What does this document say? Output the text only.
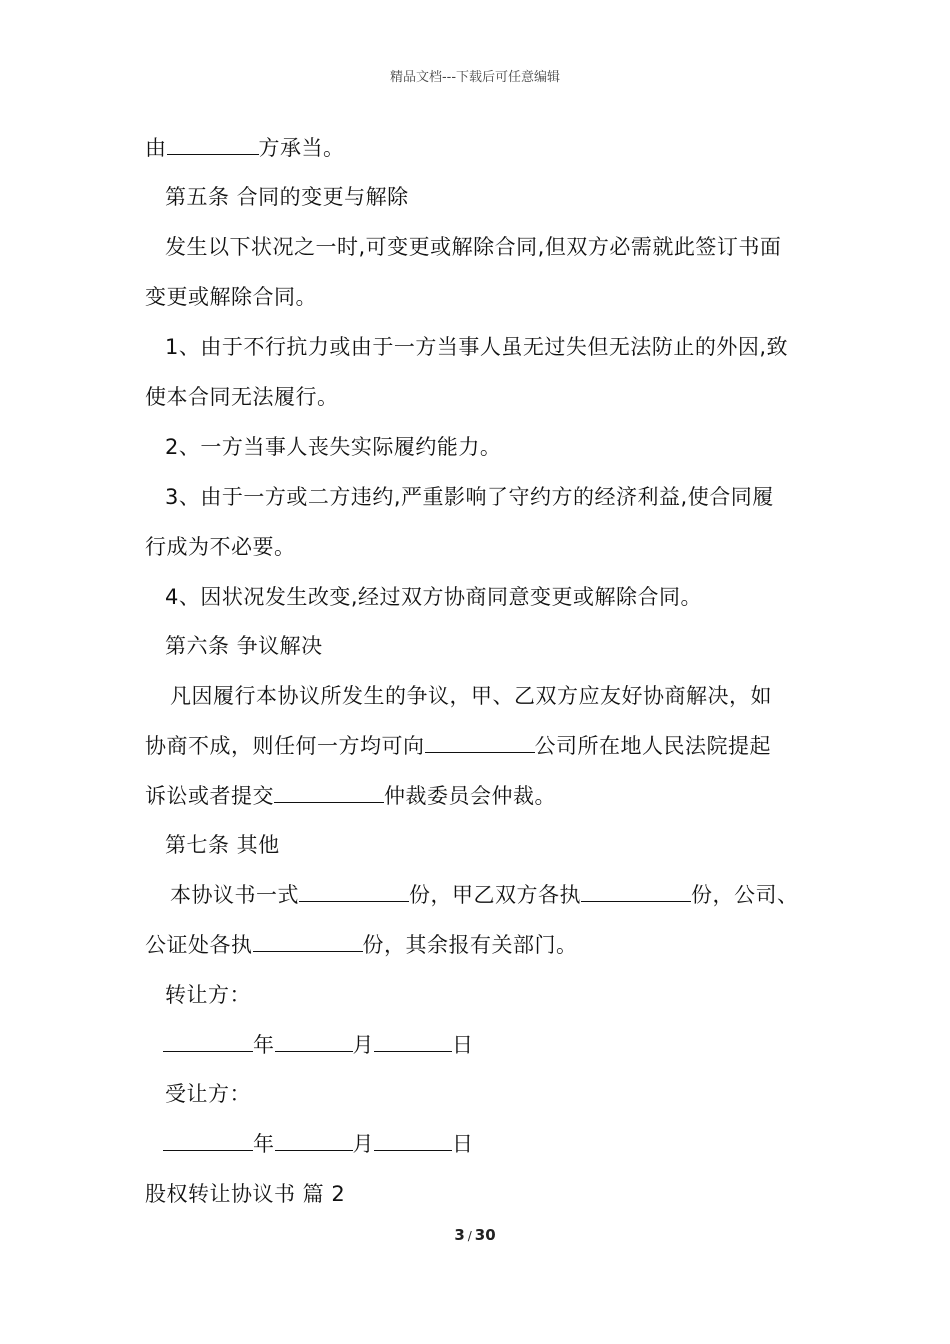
精品文档---下载后可任意编辑
由	方承当。
第五条 合同的变更与解除
发生以下状况之一时,可变更或解除合同,但双方必需就此签订书面
变更或解除合同。
1、由于不行抗力或由于一方当事人虽无过失但无法防止的外因,致
使本合同无法履行。
2、一方当事人丧失实际履约能力。
3、由于一方或二方违约,严重影响了守约方的经济利益,使合同履
行成为不必要。
4、因状况发生改变,经过双方协商同意变更或解除合同。
第六条 争议解决
凡因履行本协议所发生的争议，甲、乙双方应友好协商解决，如
协商不成，则任何一方均可向	公司所在地人民法院提起
诉讼或者提交	仲裁委员会仲裁。
第七条 其他
本协议书一式	份，甲乙双方各执	份，公司、
公证处各执	份，其余报有关部门。
转让方：
年	月	日
受让方：
年	月	日
股权转让协议书 篇 2
3 / 30
